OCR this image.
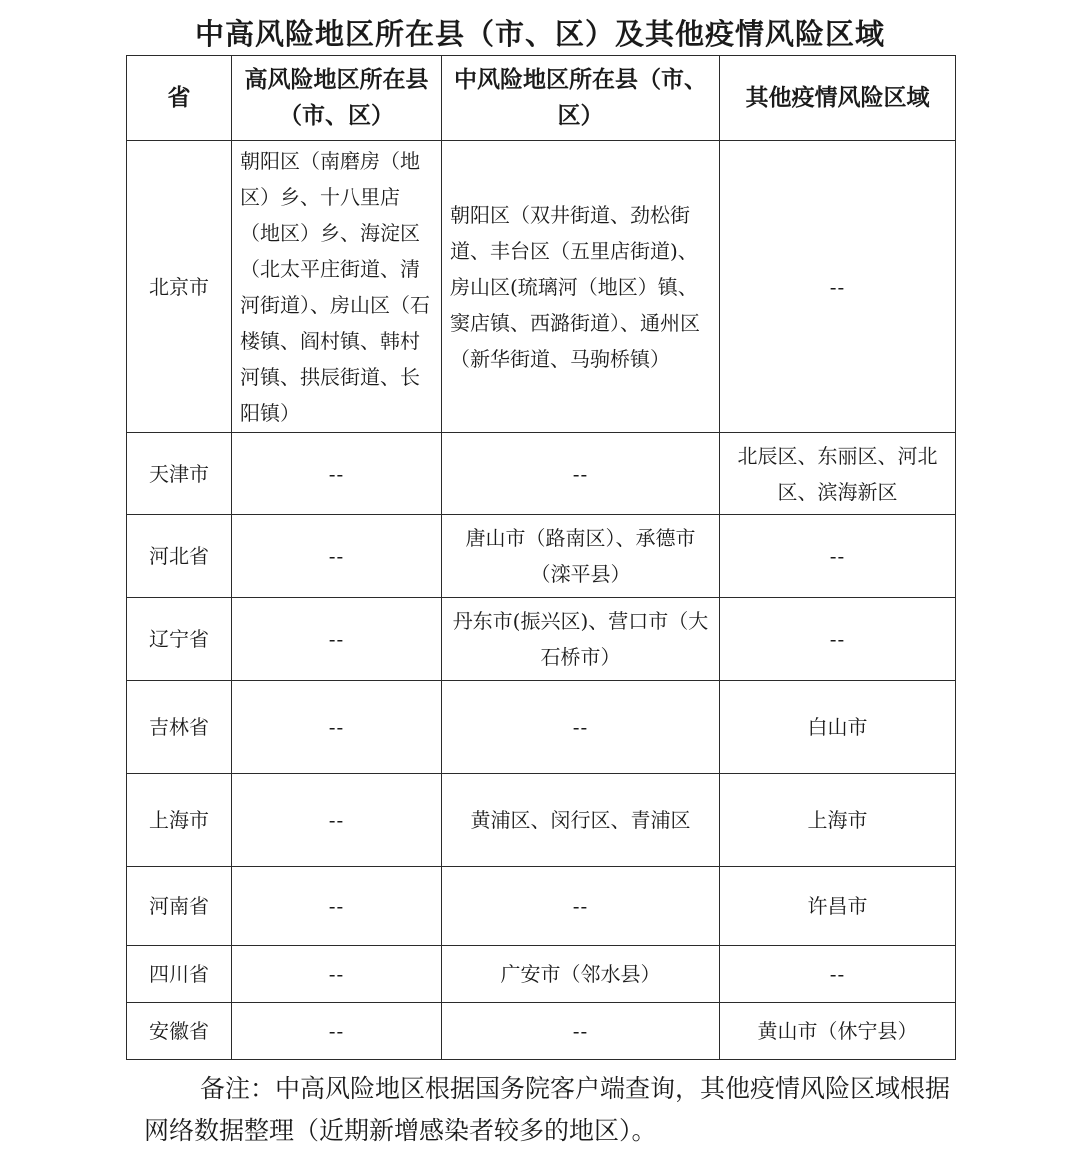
中高风险地区所在县（市、区）及其他疫情风险区域
省	高风险地区所在县（市、区）	中风险地区所在县（市、区）	其他疫情风险区域
北京市	朝阳区（南磨房（地区）乡、十八里店（地区）乡、海淀区（北太平庄街道、清河街道）、房山区（石楼镇、阎村镇、韩村河镇、拱辰街道、长阳镇）	朝阳区（双井街道、劲松街道、丰台区（五里店街道)、房山区(琉璃河（地区）镇、窦店镇、西潞街道）、通州区（新华街道、马驹桥镇）	--
天津市	--	--	北辰区、东丽区、河北区、滨海新区
河北省	--	唐山市（路南区）、承德市（滦平县）	--
辽宁省	--	丹东市(振兴区)、营口市（大石桥市）	--
吉林省	--	--	白山市
上海市	--	黄浦区、闵行区、青浦区	上海市
河南省	--	--	许昌市
四川省	--	广安市（邻水县）	--
安徽省	--	--	黄山市（休宁县）
备注：中高风险地区根据国务院客户端查询，其他疫情风险区域根据网络数据整理（近期新增感染者较多的地区）。
